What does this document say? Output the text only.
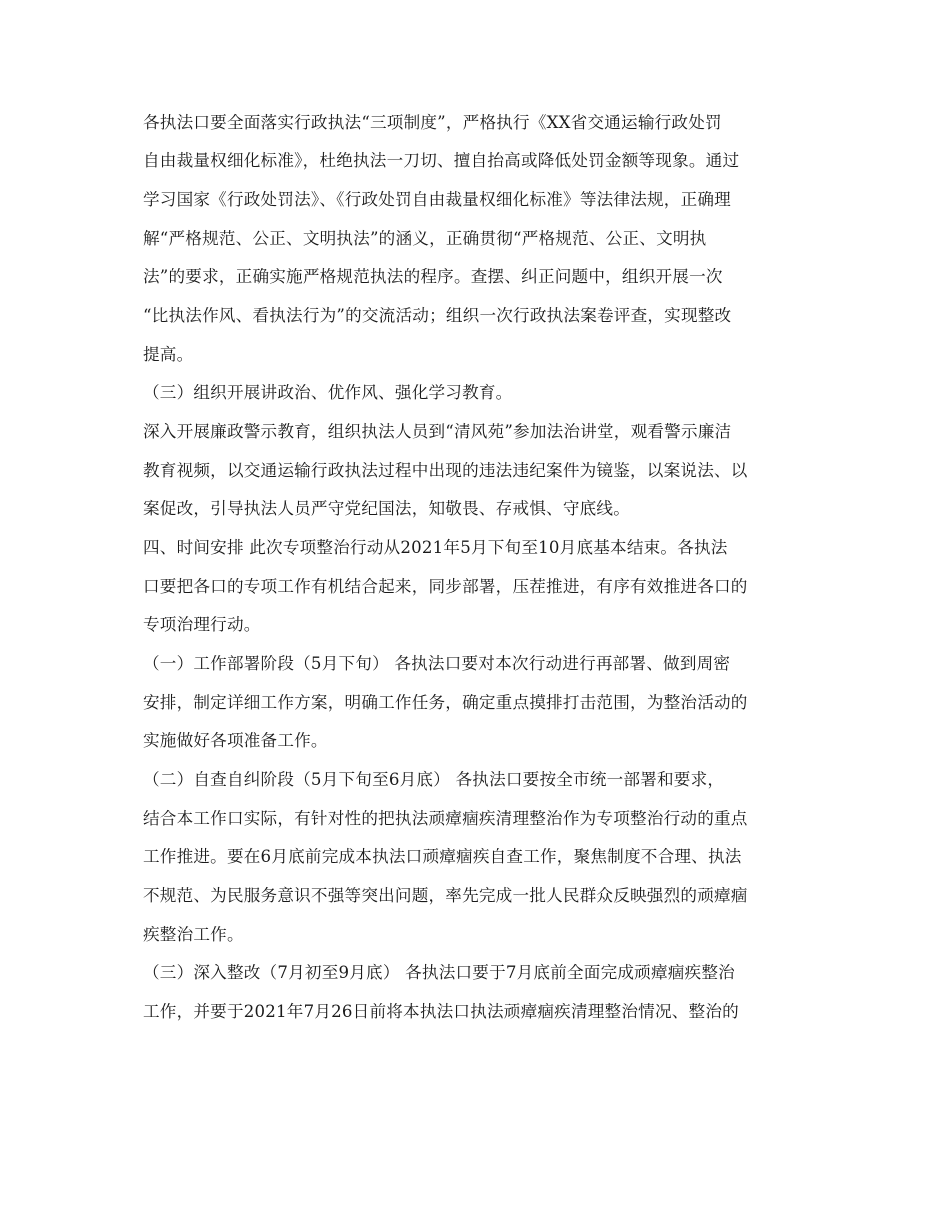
各执法口要全面落实行政执法“三项制度”，严格执行《XX省交通运输行政处罚
自由裁量权细化标准》，杜绝执法一刀切、擅自抬高或降低处罚金额等现象。通过
学习国家《行政处罚法》、《行政处罚自由裁量权细化标准》等法律法规，正确理
解“严格规范、公正、文明执法”的涵义，正确贯彻“严格规范、公正、文明执
法”的要求，正确实施严格规范执法的程序。查摆、纠正问题中，组织开展一次
“比执法作风、看执法行为”的交流活动；组织一次行政执法案卷评查，实现整改
提高。
（三）组织开展讲政治、优作风、强化学习教育。
深入开展廉政警示教育，组织执法人员到“清风苑”参加法治讲堂，观看警示廉洁
教育视频，以交通运输行政执法过程中出现的违法违纪案件为镜鉴，以案说法、以
案促改，引导执法人员严守党纪国法，知敬畏、存戒惧、守底线。
四、时间安排 此次专项整治行动从2021年5月下旬至10月底基本结束。各执法
口要把各口的专项工作有机结合起来，同步部署，压茬推进，有序有效推进各口的
专项治理行动。
（一）工作部署阶段（5月下旬） 各执法口要对本次行动进行再部署、做到周密
安排，制定详细工作方案，明确工作任务，确定重点摸排打击范围，为整治活动的
实施做好各项准备工作。
（二）自查自纠阶段（5月下旬至6月底） 各执法口要按全市统一部署和要求，
结合本工作口实际，有针对性的把执法顽瘴痼疾清理整治作为专项整治行动的重点
工作推进。要在6月底前完成本执法口顽瘴痼疾自查工作，聚焦制度不合理、执法
不规范、为民服务意识不强等突出问题，率先完成一批人民群众反映强烈的顽瘴痼
疾整治工作。
（三）深入整改（7月初至9月底） 各执法口要于7月底前全面完成顽瘴痼疾整治
工作，并要于2021年7月26日前将本执法口执法顽瘴痼疾清理整治情况、整治的
